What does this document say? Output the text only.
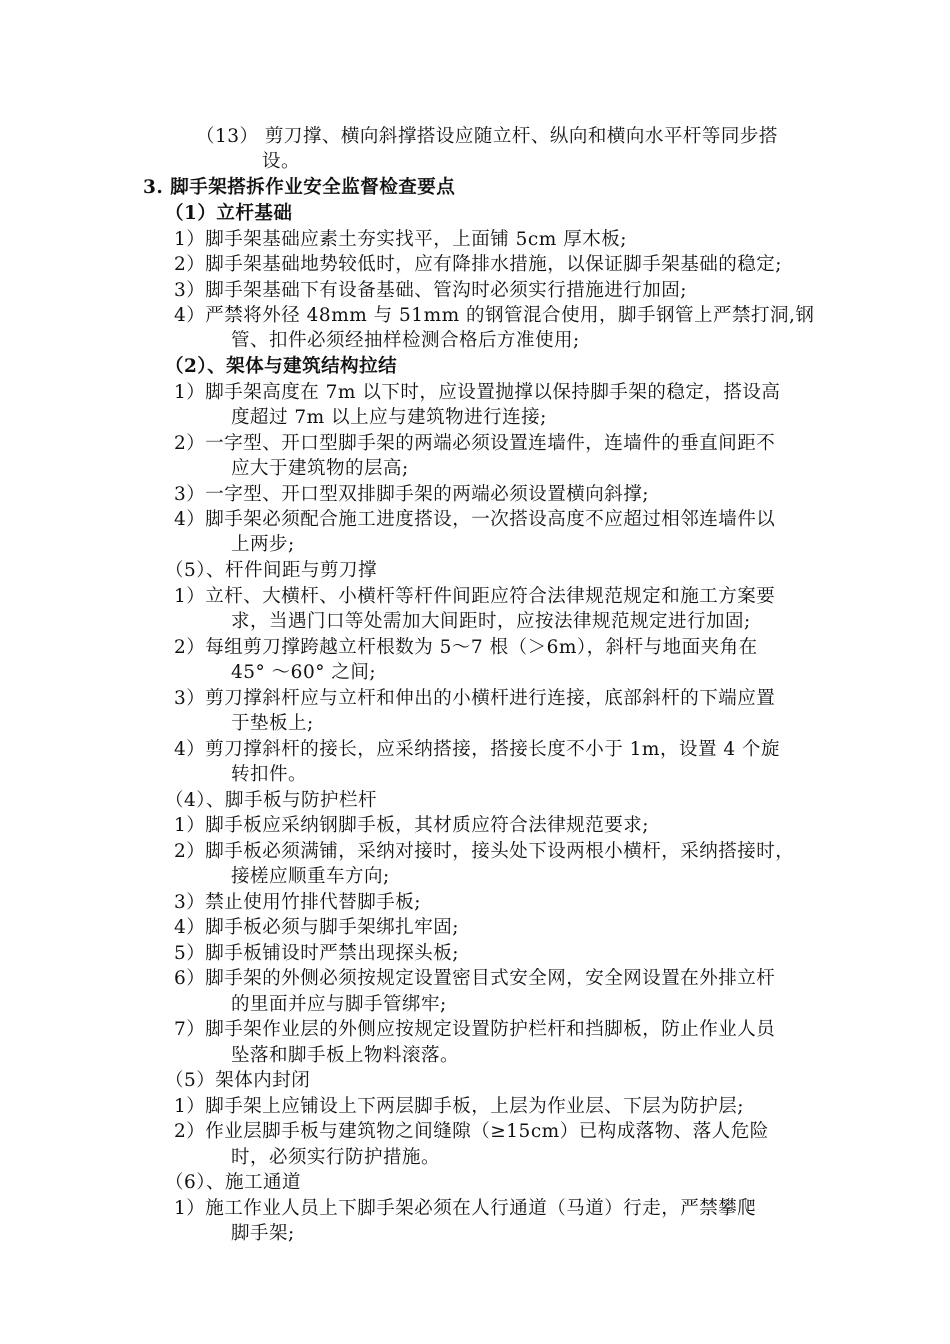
（13） 剪刀撑、横向斜撑搭设应随立杆、纵向和横向水平杆等同步搭
设。
3. 脚手架搭拆作业安全监督检查要点
（1）立杆基础
1）脚手架基础应素土夯实找平，上面铺 5cm 厚木板;
2）脚手架基础地势较低时，应有降排水措施，以保证脚手架基础的稳定;
3）脚手架基础下有设备基础、管沟时必须实行措施进行加固;
4）严禁将外径 48mm 与 51mm 的钢管混合使用，脚手钢管上严禁打洞,钢
管、扣件必须经抽样检测合格后方准使用;
（2）、架体与建筑结构拉结
1）脚手架高度在 7m 以下时，应设置抛撑以保持脚手架的稳定，搭设高
度超过 7m 以上应与建筑物进行连接;
2）一字型、开口型脚手架的两端必须设置连墙件，连墙件的垂直间距不
应大于建筑物的层高;
3）一字型、开口型双排脚手架的两端必须设置横向斜撑;
4）脚手架必须配合施工进度搭设，一次搭设高度不应超过相邻连墙件以
上两步;
（5）、杆件间距与剪刀撑
1）立杆、大横杆、小横杆等杆件间距应符合法律规范规定和施工方案要
求，当遇门口等处需加大间距时，应按法律规范规定进行加固;
2）每组剪刀撑跨越立杆根数为 5～7 根（＞6m），斜杆与地面夹角在
45° ～60° 之间;
3）剪刀撑斜杆应与立杆和伸出的小横杆进行连接，底部斜杆的下端应置
于垫板上;
4）剪刀撑斜杆的接长，应采纳搭接，搭接长度不小于 1m，设置 4 个旋
转扣件。
（4）、脚手板与防护栏杆
1）脚手板应采纳钢脚手板，其材质应符合法律规范要求;
2）脚手板必须满铺，采纳对接时，接头处下设两根小横杆，采纳搭接时，
接槎应顺重车方向;
3）禁止使用竹排代替脚手板;
4）脚手板必须与脚手架绑扎牢固;
5）脚手板铺设时严禁出现探头板;
6）脚手架的外侧必须按规定设置密目式安全网，安全网设置在外排立杆
的里面并应与脚手管绑牢;
7）脚手架作业层的外侧应按规定设置防护栏杆和挡脚板，防止作业人员
坠落和脚手板上物料滚落。
（5）架体内封闭
1）脚手架上应铺设上下两层脚手板，上层为作业层、下层为防护层;
2）作业层脚手板与建筑物之间缝隙（≥15cm）已构成落物、落人危险
时，必须实行防护措施。
（6）、施工通道
1）施工作业人员上下脚手架必须在人行通道（马道）行走，严禁攀爬
脚手架;
